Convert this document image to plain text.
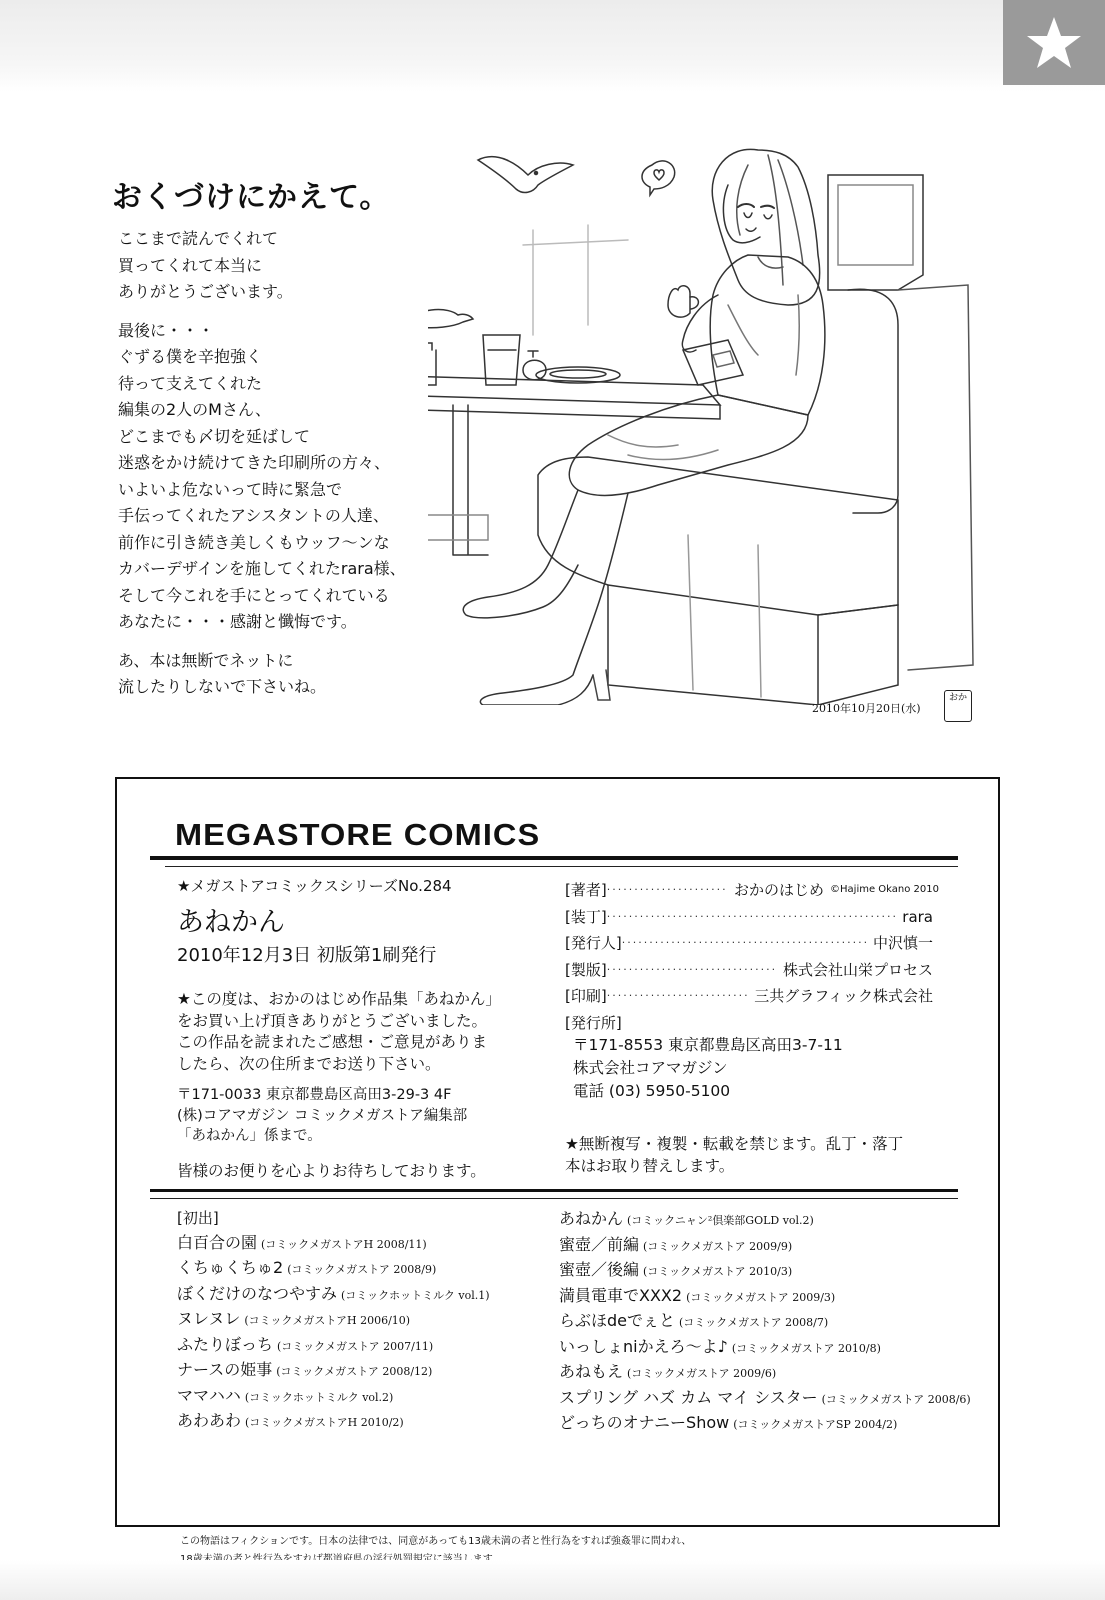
おくづけにかえて。
ここまで読んでくれて
買ってくれて本当に
ありがとうございます。
最後に・・・
ぐずる僕を辛抱強く
待って支えてくれた
編集の2人のMさん、
どこまでも〆切を延ばして
迷惑をかけ続けてきた印刷所の方々、
いよいよ危ないって時に緊急で
手伝ってくれたアシスタントの人達、
前作に引き続き美しくもウッフ～ンな
カバーデザインを施してくれたrara様、
そして今これを手にとってくれている
あなたに・・・感謝と懺悔です。
あ、本は無断でネットに
流したりしないで下さいね。
2010年10月20日(水)
おか
MEGASTORE COMICS
★メガストアコミックスシリーズNo.284
あねかん
2010年12月3日 初版第1刷発行
★この度は、おかのはじめ作品集「あねかん」
をお買い上げ頂きありがとうございました。
この作品を読まれたご感想・ご意見がありま
したら、次の住所までお送り下さい。
〒171-0033 東京都豊島区高田3-29-3 4F
(株)コアマガジン コミックメガストア編集部
「あねかん」係まで。
皆様のお便りを心よりお待ちしております。
[著者] ·····	おかのはじめ ©Hajime Okano 2010
[装丁] ·····	rara
[発行人] ·····	中沢慎一
[製版] ·····	株式会社山栄プロセス
[印刷] ·····	三共グラフィック株式会社
[発行所]
〒171-8553 東京都豊島区高田3-7-11
株式会社コアマガジン
電話 (03) 5950-5100
★無断複写・複製・転載を禁じます。乱丁・落丁
本はお取り替えします。
[初出]
白百合の園 (コミックメガストアH 2008/11)
くちゅくちゅ2 (コミックメガストア 2008/9)
ぼくだけのなつやすみ (コミックホットミルク vol.1)
ヌレヌレ (コミックメガストアH 2006/10)
ふたりぼっち (コミックメガストア 2007/11)
ナースの姫事 (コミックメガストア 2008/12)
ママハハ (コミックホットミルク vol.2)
あわあわ (コミックメガストアH 2010/2)
あねかん (コミックニャン²倶楽部GOLD vol.2)
蜜壺／前編 (コミックメガストア 2009/9)
蜜壺／後編 (コミックメガストア 2010/3)
満員電車でXXX2 (コミックメガストア 2009/3)
らぶほdeでぇと (コミックメガストア 2008/7)
いっしょniかえろ～よ♪ (コミックメガストア 2010/8)
あねもえ (コミックメガストア 2009/6)
スプリング ハズ カム マイ シスター (コミックメガストア 2008/6)
どっちのオナニーShow (コミックメガストアSP 2004/2)
この物語はフィクションです。日本の法律では、同意があっても13歳未満の者と性行為をすれば強姦罪に問われ、
